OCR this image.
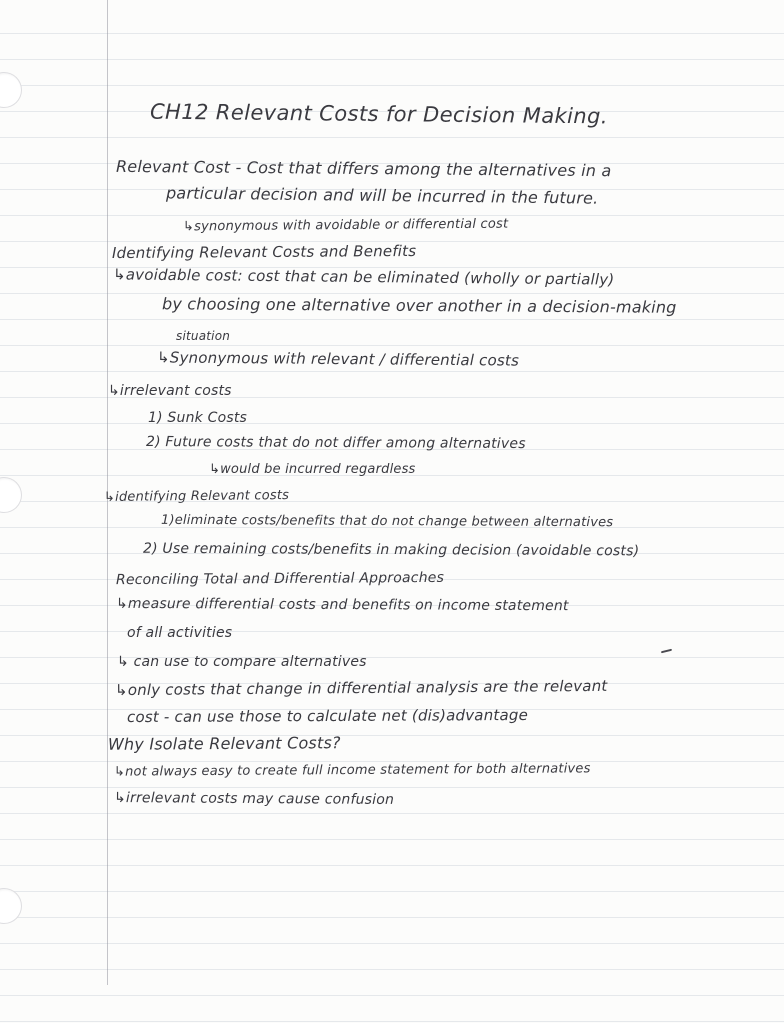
CH12 Relevant Costs for Decision Making.

Relevant Cost - Cost that differs among the alternatives in a

particular decision and will be incurred in the future.

↳synonymous with avoidable or differential cost

Identifying Relevant Costs and Benefits

↳avoidable cost: cost that can be eliminated (wholly or partially)

by choosing one alternative over another in a decision-making

situation

↳Synonymous with relevant / differential costs

↳irrelevant costs

1) Sunk Costs

2) Future costs that do not differ among alternatives

↳would be incurred regardless

↳identifying Relevant costs

1)eliminate costs/benefits that do not change between alternatives

2) Use remaining costs/benefits in making decision (avoidable costs)

Reconciling Total and Differential Approaches

↳measure differential costs and benefits on income statement

of all activities

↳ can use to compare alternatives

↳only costs that change in differential analysis are the relevant

cost - can use those to calculate net (dis)advantage

Why Isolate Relevant Costs?

↳not always easy to create full income statement for both alternatives

↳irrelevant costs may cause confusion
